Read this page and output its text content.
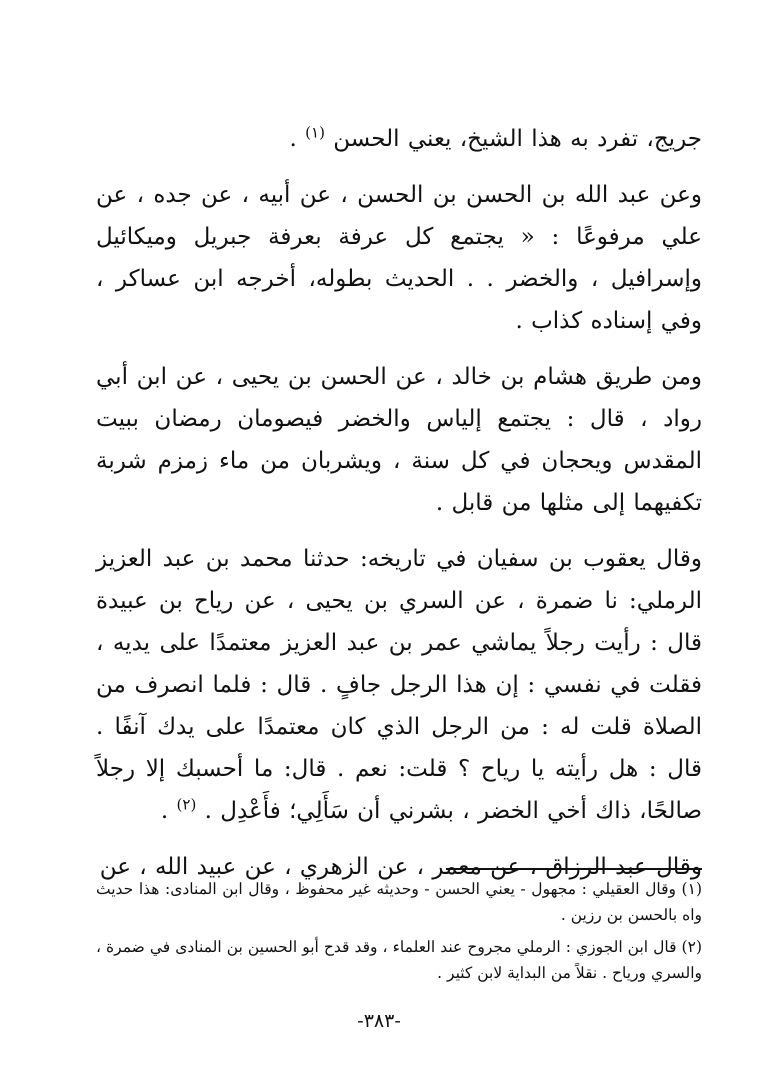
جريج، تفرد به هذا الشيخ، يعني الحسن $^{(١)}$ .

وعن عبد الله بن الحسن بن الحسن ، عن أبيه ، عن جده ، عن علي مرفوعًا : « يجتمع كل عرفة بعرفة جبريل وميكائيل وإسرافيل ، والخضر . . الحديث بطوله، أخرجه ابن عساكر ، وفي إسناده كذاب .

ومن طريق هشام بن خالد ، عن الحسن بن يحيى ، عن ابن أبي رواد ، قال : يجتمع إلياس والخضر فيصومان رمضان ببيت المقدس ويحجان في كل سنة ، ويشربان من ماء زمزم شربة تكفيهما إلى مثلها من قابل .

وقال يعقوب بن سفيان في تاريخه: حدثنا محمد بن عبد العزيز الرملي: نا ضمرة ، عن السري بن يحيى ، عن رياح بن عبيدة قال : رأيت رجلاً يماشي عمر بن عبد العزيز معتمدًا على يديه ، فقلت في نفسي : إن هذا الرجل جافٍ . قال : فلما انصرف من الصلاة قلت له : من الرجل الذي كان معتمدًا على يدك آنفًا . قال : هل رأيته يا رياح ؟ قلت: نعم . قال: ما أحسبك إلا رجلاً صالحًا، ذاك أخي الخضر ، بشرني أن سَأَلِي؛ فأَعْدِل . $^{(٢)}$ .

وقال عبد الرزاق ، عن معمر ، عن الزهري ، عن عبيد الله ، عن

(١) وقال العقيلي : مجهول - يعني الحسن - وحديثه غير محفوظ ، وقال ابن المنادى: هذا حديث واه بالحسن بن رزين .

(٢) قال ابن الجوزي : الرملي مجروح عند العلماء ، وقد قدح أبو الحسين بن المنادى في ضمرة ، والسري ورياح . نقلاً من البداية لابن كثير .

-٣٨٣-
